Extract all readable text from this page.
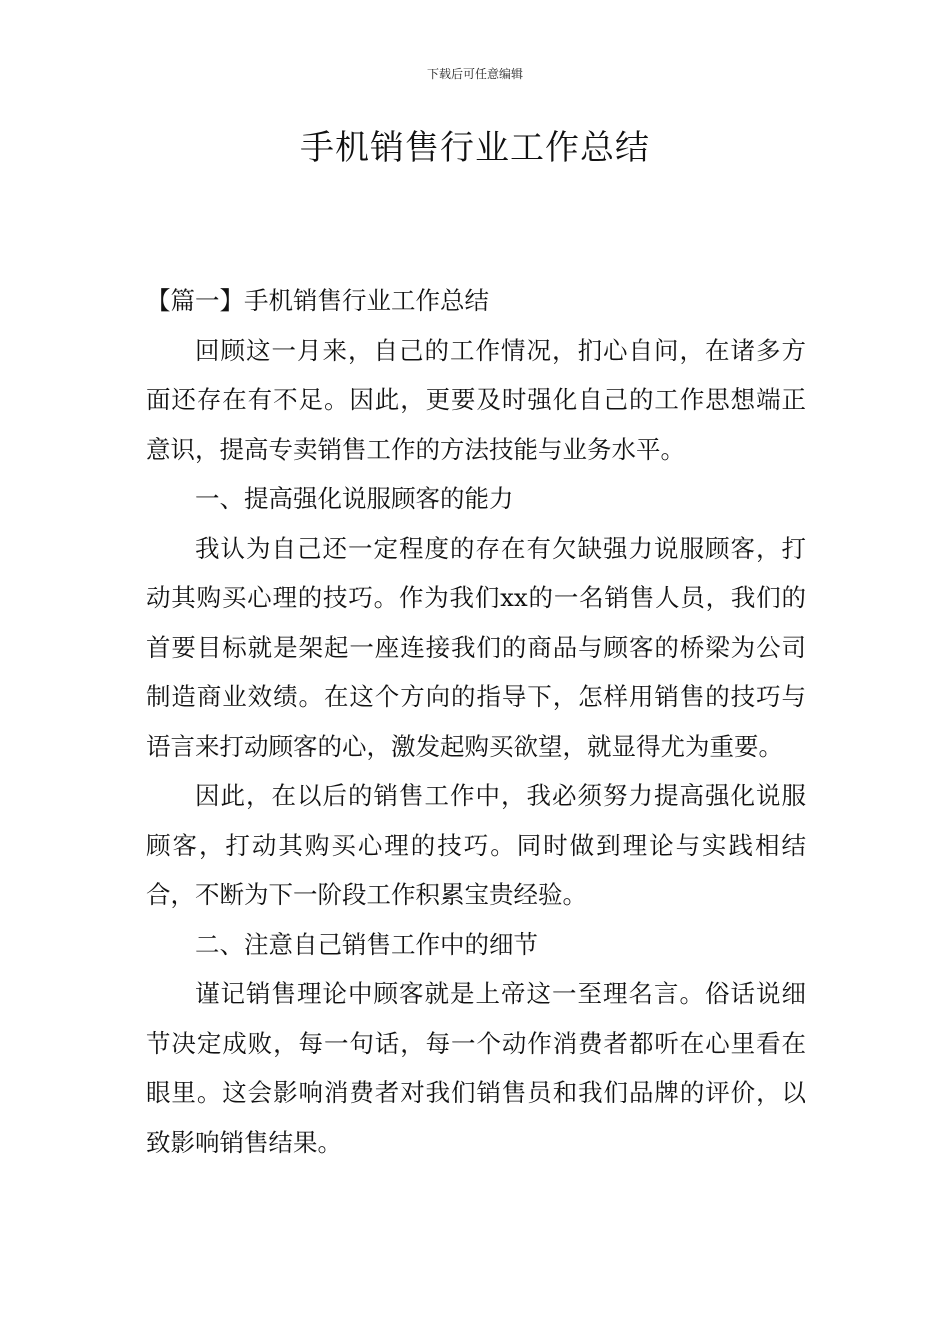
下载后可任意编辑
手机销售行业工作总结

【篇一】手机销售行业工作总结

回顾这一月来，自己的工作情况，扪心自问，在诸多方面还存在有不足。因此，更要及时强化自己的工作思想端正意识，提高专卖销售工作的方法技能与业务水平。

一、提高强化说服顾客的能力

我认为自己还一定程度的存在有欠缺强力说服顾客，打动其购买心理的技巧。作为我们xx的一名销售人员，我们的首要目标就是架起一座连接我们的商品与顾客的桥梁为公司制造商业效绩。在这个方向的指导下，怎样用销售的技巧与语言来打动顾客的心，激发起购买欲望，就显得尤为重要。

因此，在以后的销售工作中，我必须努力提高强化说服顾客，打动其购买心理的技巧。同时做到理论与实践相结合，不断为下一阶段工作积累宝贵经验。

二、注意自己销售工作中的细节

谨记销售理论中顾客就是上帝这一至理名言。俗话说细节决定成败，每一句话，每一个动作消费者都听在心里看在眼里。这会影响消费者对我们销售员和我们品牌的评价，以致影响销售结果。
